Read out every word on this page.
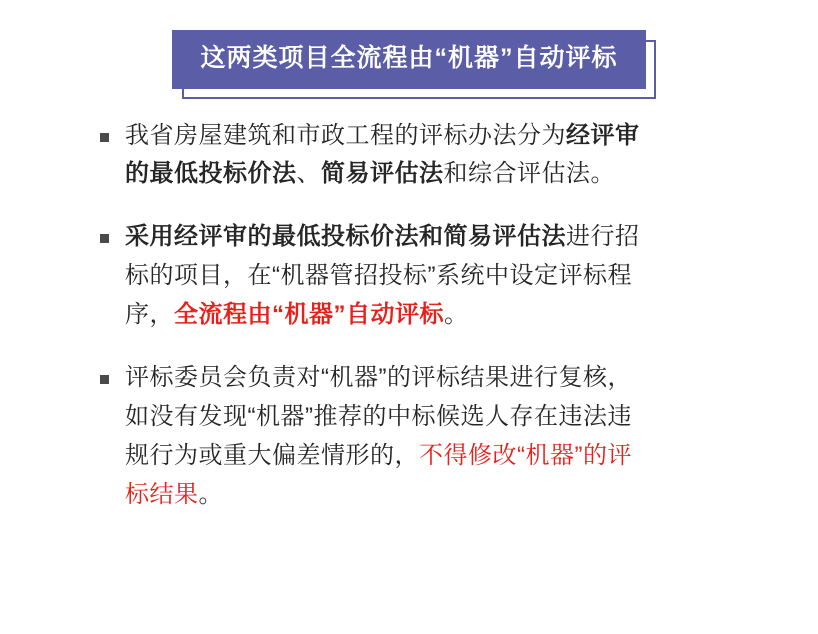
这两类项目全流程由“机器”自动评标
我省房屋建筑和市政工程的评标办法分为经评审的最低投标价法、简易评估法和综合评估法。
采用经评审的最低投标价法和简易评估法进行招标的项目，在“机器管招投标”系统中设定评标程序，全流程由“机器”自动评标。
评标委员会负责对“机器”的评标结果进行复核，如没有发现“机器”推荐的中标候选人存在违法违规行为或重大偏差情形的，不得修改“机器”的评标结果。
